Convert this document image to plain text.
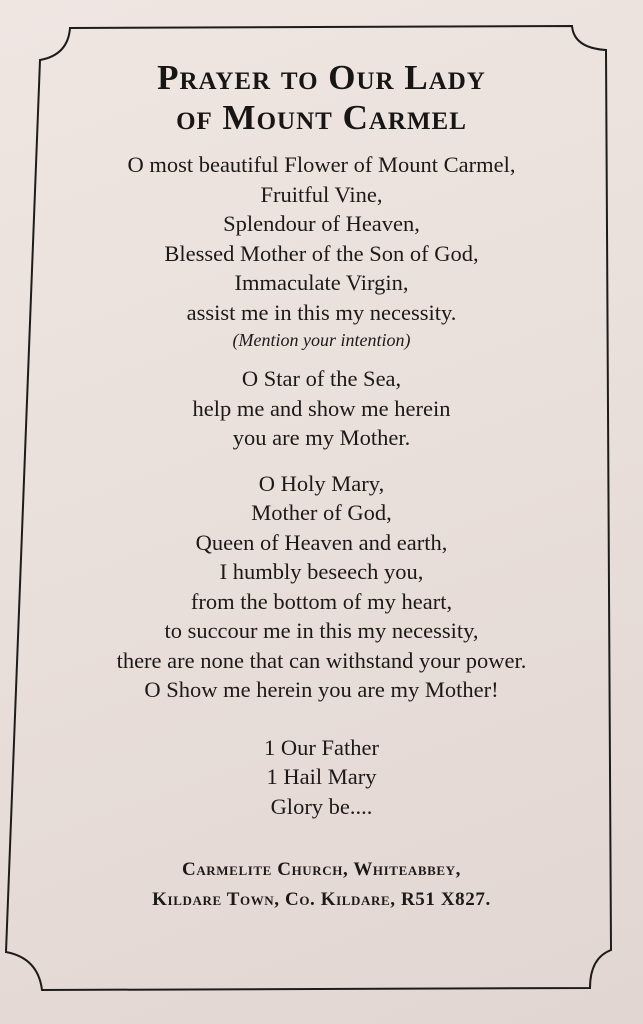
Prayer to Our Lady
of Mount Carmel

O most beautiful Flower of Mount Carmel,
Fruitful Vine,
Splendour of Heaven,
Blessed Mother of the Son of God,
Immaculate Virgin,
assist me in this my necessity.
(Mention your intention)

O Star of the Sea,
help me and show me herein
you are my Mother.

O Holy Mary,
Mother of God,
Queen of Heaven and earth,
I humbly beseech you,
from the bottom of my heart,
to succour me in this my necessity,
there are none that can withstand your power.
O Show me herein you are my Mother!

1 Our Father
1 Hail Mary
Glory be....

Carmelite Church, Whiteabbey,
Kildare Town, Co. Kildare, R51 X827.
